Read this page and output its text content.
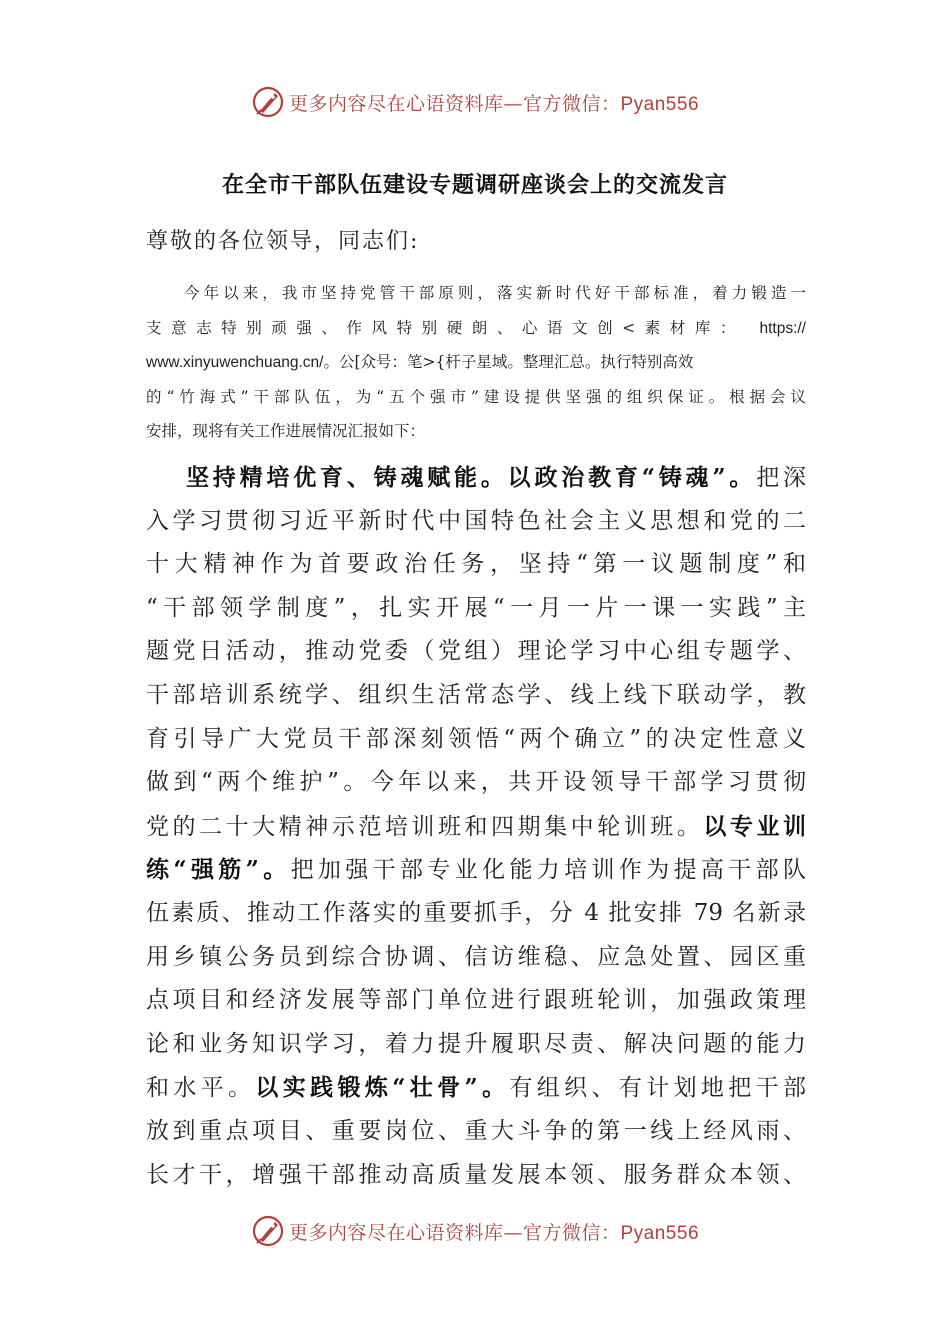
更多内容尽在心语资料库—官方微信：Pyan556
在全市干部队伍建设专题调研座谈会上的交流发言
尊敬的各位领导，同志们:
今年以来，我市坚持党管干部原则，落实新时代好干部标准，着力锻造一
支意志特别顽强、作风特别硬朗、心语文创<素材库： https://
www.xinyuwenchuang.cn/。公[众号：笔>{杆子星域。整理汇总。执行特别高效
的“竹海式”干部队伍，为“五个强市”建设提供坚强的组织保证。根据会议
安排，现将有关工作进展情况汇报如下：
坚持精培优育、铸魂赋能。以政治教育“铸魂”。把深
入学习贯彻习近平新时代中国特色社会主义思想和党的二
十大精神作为首要政治任务，坚持“第一议题制度”和
“干部领学制度”，扎实开展“一月一片一课一实践”主
题党日活动，推动党委（党组）理论学习中心组专题学、
干部培训系统学、组织生活常态学、线上线下联动学，教
育引导广大党员干部深刻领悟“两个确立”的决定性意义
做到“两个维护”。今年以来，共开设领导干部学习贯彻
党的二十大精神示范培训班和四期集中轮训班。以专业训
练“强筋”。把加强干部专业化能力培训作为提高干部队
伍素质、推动工作落实的重要抓手，分 4 批安排 79 名新录
用乡镇公务员到综合协调、信访维稳、应急处置、园区重
点项目和经济发展等部门单位进行跟班轮训，加强政策理
论和业务知识学习，着力提升履职尽责、解决问题的能力
和水平。以实践锻炼“壮骨”。有组织、有计划地把干部
放到重点项目、重要岗位、重大斗争的第一线上经风雨、
长才干，增强干部推动高质量发展本领、服务群众本领、
更多内容尽在心语资料库—官方微信：Pyan556
